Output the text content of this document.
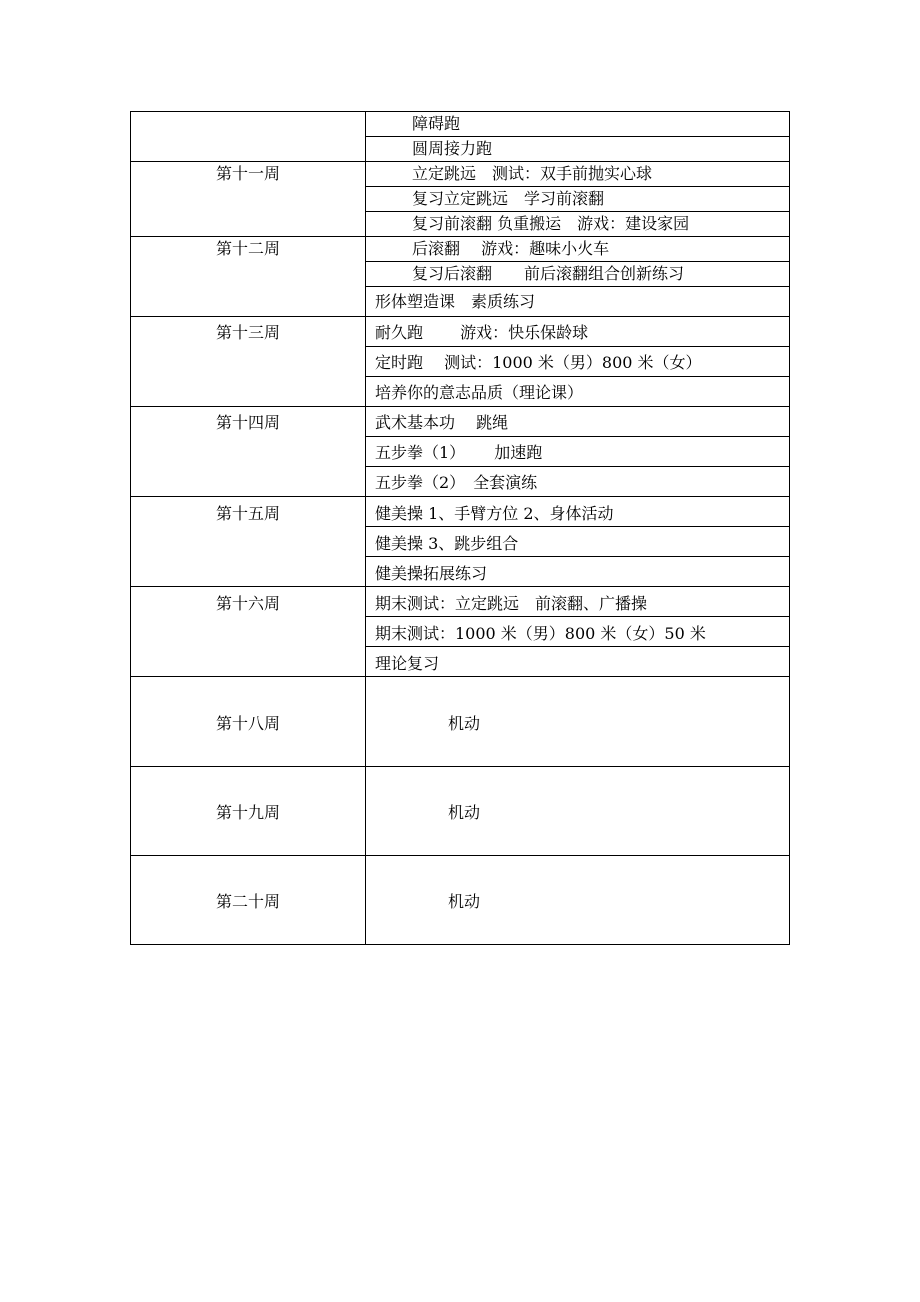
障碍跑
圆周接力跑
第十一周	立定跳远　测试：双手前抛实心球
复习立定跳远　学习前滚翻
复习前滚翻 负重搬运　游戏：建设家园
第十二周	后滚翻　 游戏：趣味小火车
复习后滚翻　　前后滚翻组合创新练习
形体塑造课　素质练习
第十三周	耐久跑　　 游戏：快乐保龄球
定时跑　 测试：1000 米（男）800 米（女）
培养你的意志品质（理论课）
第十四周	武术基本功　 跳绳
五步拳（1）　　 加速跑
五步拳（2）　全套演练
第十五周	健美操 1、手臂方位 2、身体活动
健美操 3、跳步组合
健美操拓展练习
第十六周	期末测试：立定跳远　前滚翻、广播操
期末测试：1000 米（男）800 米（女）50 米
理论复习
第十八周	机动
第十九周	机动
第二十周	机动
